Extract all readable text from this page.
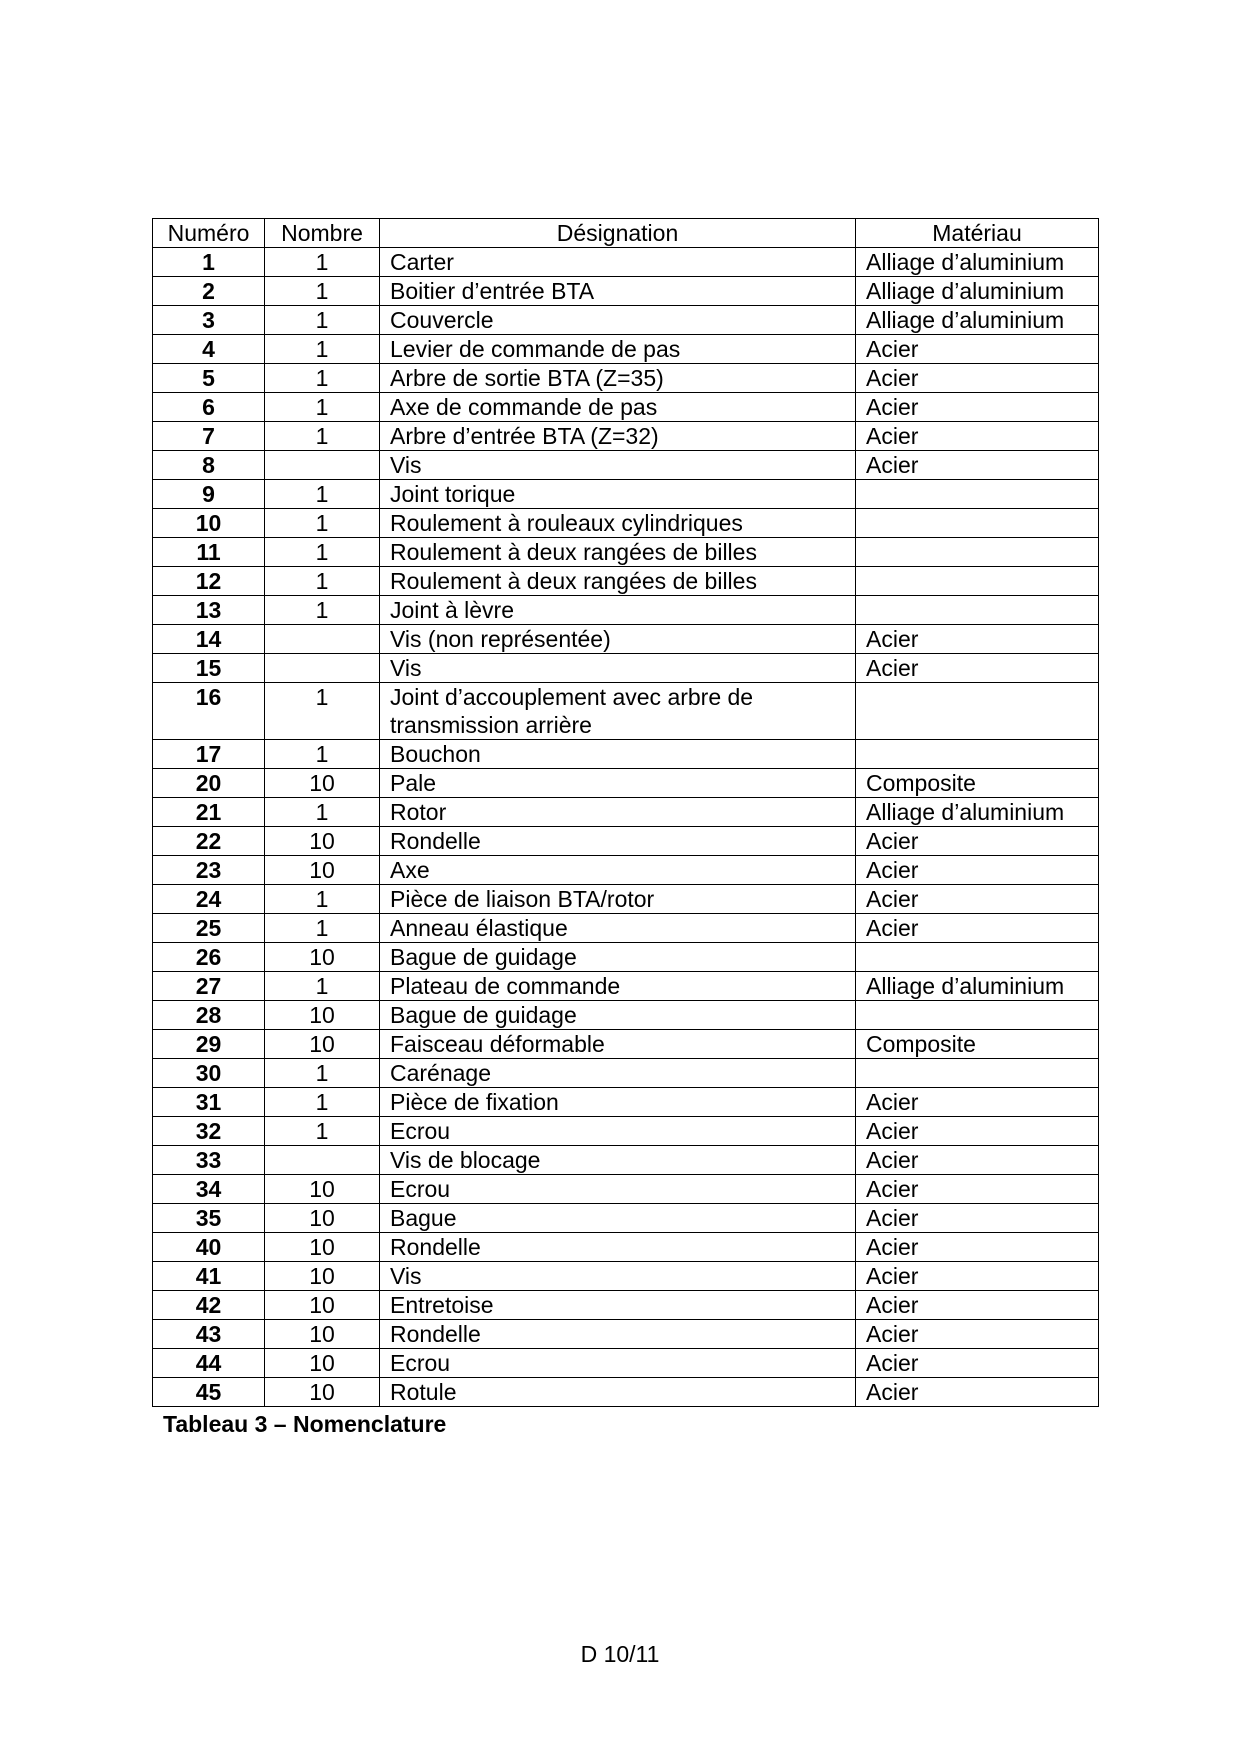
Numéro	Nombre	Désignation	Matériau
1	1	Carter	Alliage d’aluminium
2	1	Boitier d’entrée BTA	Alliage d’aluminium
3	1	Couvercle	Alliage d’aluminium
4	1	Levier de commande de pas	Acier
5	1	Arbre de sortie BTA (Z=35)	Acier
6	1	Axe de commande de pas	Acier
7	1	Arbre d’entrée BTA (Z=32)	Acier
8		Vis	Acier
9	1	Joint torique	
10	1	Roulement à rouleaux cylindriques	
11	1	Roulement à deux rangées de billes	
12	1	Roulement à deux rangées de billes	
13	1	Joint à lèvre	
14		Vis (non représentée)	Acier
15		Vis	Acier
16	1	Joint d’accouplement avec arbre de transmission arrière	
17	1	Bouchon	
20	10	Pale	Composite
21	1	Rotor	Alliage d’aluminium
22	10	Rondelle	Acier
23	10	Axe	Acier
24	1	Pièce de liaison BTA/rotor	Acier
25	1	Anneau élastique	Acier
26	10	Bague de guidage	
27	1	Plateau de commande	Alliage d’aluminium
28	10	Bague de guidage	
29	10	Faisceau déformable	Composite
30	1	Carénage	
31	1	Pièce de fixation	Acier
32	1	Ecrou	Acier
33		Vis de blocage	Acier
34	10	Ecrou	Acier
35	10	Bague	Acier
40	10	Rondelle	Acier
41	10	Vis	Acier
42	10	Entretoise	Acier
43	10	Rondelle	Acier
44	10	Ecrou	Acier
45	10	Rotule	Acier
Tableau 3 – Nomenclature
D 10/11
